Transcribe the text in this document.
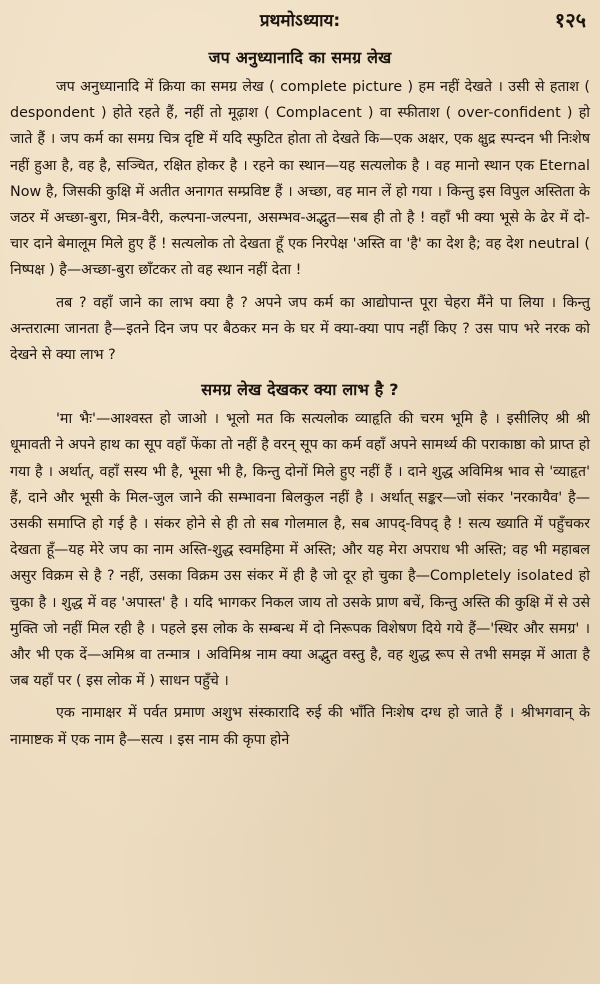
प्रथमोऽध्याय:	१२५
जप अनुध्यानादि का समग्र लेख

जप अनुध्यानादि में क्रिया का समग्र लेख ( complete picture ) हम नहीं देखते । उसी से हताश ( despondent ) होते रहते हैं, नहीं तो मूढ़ाश ( Complacent ) वा स्फीताश ( over-confident ) हो जाते हैं । जप कर्म का समग्र चित्र दृष्टि में यदि स्फुटित होता तो देखते कि—एक अक्षर, एक क्षुद्र स्पन्दन भी निःशेष नहीं हुआ है, वह है, सञ्चित, रक्षित होकर है । रहने का स्थान—यह सत्यलोक है । वह मानो स्थान एक Eternal Now है, जिसकी कुक्षि में अतीत अनागत सम्प्रविष्ट हैं । अच्छा, वह मान लें हो गया । किन्तु इस विपुल अस्तिता के जठर में अच्छा-बुरा, मित्र-वैरी, कल्पना-जल्पना, असम्भव-अद्भुत—सब ही तो है ! वहाँ भी क्या भूसे के ढेर में दो-चार दाने बेमालूम मिले हुए हैं ! सत्यलोक तो देखता हूँ एक निरपेक्ष 'अस्ति वा 'है' का देश है; वह देश neutral ( निष्पक्ष ) है—अच्छा-बुरा छाँटकर तो वह स्थान नहीं देता !

तब ? वहाँ जाने का लाभ क्या है ? अपने जप कर्म का आद्योपान्त पूरा चेहरा मैंने पा लिया । किन्तु अन्तरात्मा जानता है—इतने दिन जप पर बैठकर मन के घर में क्या-क्या पाप नहीं किए ? उस पाप भरे नरक को देखने से क्या लाभ ?

समग्र लेख देखकर क्या लाभ है ?

'मा भैः'—आश्वस्त हो जाओ । भूलो मत कि सत्यलोक व्याहृति की चरम भूमि है । इसीलिए श्री श्री धूमावती ने अपने हाथ का सूप वहाँ फेंका तो नहीं है वरन् सूप का कर्म वहाँ अपने सामर्थ्य की पराकाष्ठा को प्राप्त हो गया है । अर्थात्, वहाँ सस्य भी है, भूसा भी है, किन्तु दोनों मिले हुए नहीं हैं । दाने शुद्ध अविमिश्र भाव से 'व्याहृत' हैं, दाने और भूसी के मिल-जुल जाने की सम्भावना बिलकुल नहीं है । अर्थात् सङ्कर—जो संकर 'नरकायैव' है—उसकी समाप्ति हो गई है । संकर होने से ही तो सब गोलमाल है, सब आपद्-विपद् है ! सत्य ख्याति में पहुँचकर देखता हूँ—यह मेरे जप का नाम अस्ति-शुद्ध स्वमहिमा में अस्ति; और यह मेरा अपराध भी अस्ति; वह भी महाबल असुर विक्रम से है ? नहीं, उसका विक्रम उस संकर में ही है जो दूर हो चुका है—Completely isolated हो चुका है । शुद्ध में वह 'अपास्त' है । यदि भागकर निकल जाय तो उसके प्राण बचें, किन्तु अस्ति की कुक्षि में से उसे मुक्ति जो नहीं मिल रही है । पहले इस लोक के सम्बन्ध में दो निरूपक विशेषण दिये गये हैं—'स्थिर और समग्र' । और भी एक दें—अमिश्र वा तन्मात्र । अविमिश्र नाम क्या अद्भुत वस्तु है, वह शुद्ध रूप से तभी समझ में आता है जब यहाँ पर ( इस लोक में ) साधन पहुँचे ।

एक नामाक्षर में पर्वत प्रमाण अशुभ संस्कारादि रुई की भाँति निःशेष दग्ध हो जाते हैं । श्रीभगवान् के नामाष्टक में एक नाम है—सत्य । इस नाम की कृपा होने
